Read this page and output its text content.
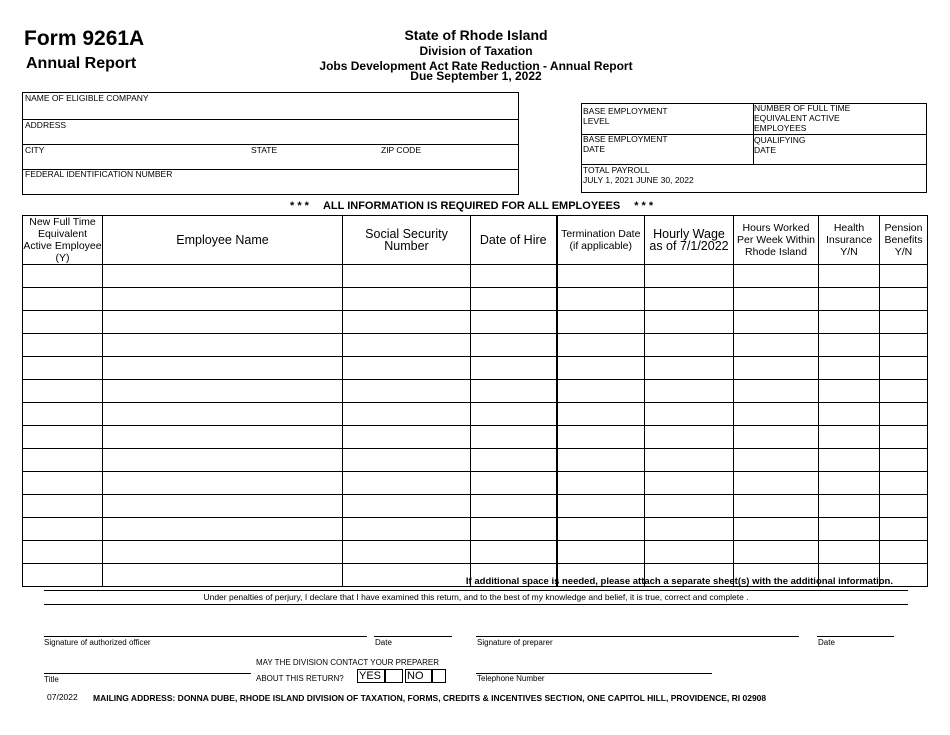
Form 9261A
Annual Report
State of Rhode Island
Division of Taxation
Jobs Development Act Rate Reduction - Annual Report
Due September 1, 2022
NAME OF ELIGIBLE COMPANY
ADDRESS
CITY	STATE	ZIP CODE
FEDERAL IDENTIFICATION NUMBER
BASE EMPLOYMENT LEVEL
NUMBER OF FULL TIME EQUIVALENT ACTIVE EMPLOYEES
BASE EMPLOYMENT DATE
QUALIFYING DATE
TOTAL PAYROLL
JULY 1, 2021 JUNE 30, 2022
* * * ALL INFORMATION IS REQUIRED FOR ALL EMPLOYEES * * *
New Full Time Equivalent Active Employee (Y)	Employee Name	Social Security Number	Date of Hire	Termination Date (if applicable)	Hourly Wage as of 7/1/2022	Hours Worked Per Week Within Rhode Island	Health Insurance Y/N	Pension Benefits Y/N

If additional space is needed, please attach a separate sheet(s) with the additional information.
Under penalties of perjury, I declare that I have examined this return, and to the best of my knowledge and belief, it is true, correct and complete .
Signature of authorized officer	Date	Signature of preparer	Date
Title
MAY THE DIVISION CONTACT YOUR PREPARER
ABOUT THIS RETURN? YES	NO	Telephone Number
07/2022 MAILING ADDRESS: DONNA DUBE, RHODE ISLAND DIVISION OF TAXATION, FORMS, CREDITS & INCENTIVES SECTION, ONE CAPITOL HILL, PROVIDENCE, RI 02908
